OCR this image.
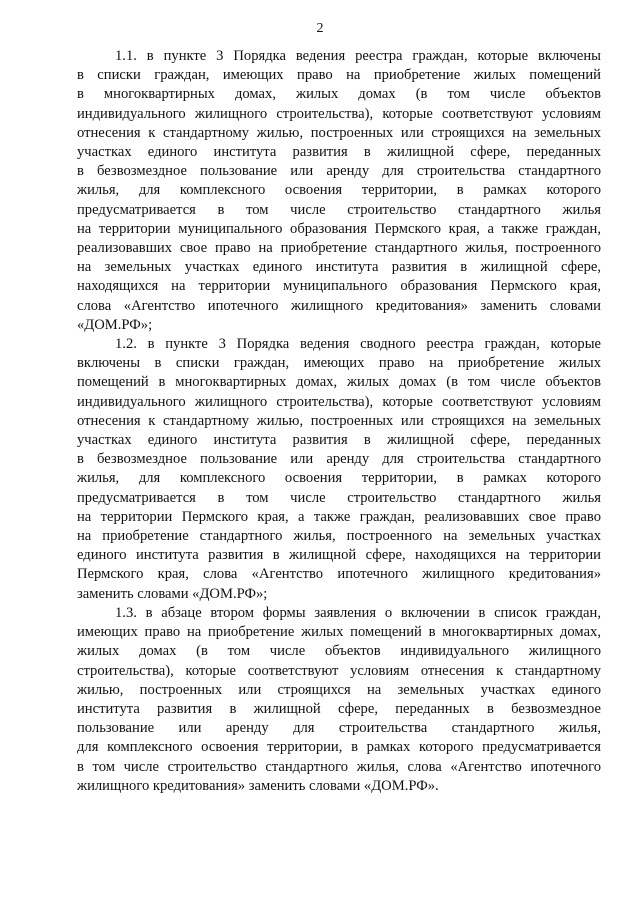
2

1.1. в пункте 3 Порядка ведения реестра граждан, которые включены
в списки граждан, имеющих право на приобретение жилых помещений
в многоквартирных домах, жилых домах (в том числе объектов
индивидуального жилищного строительства), которые соответствуют условиям
отнесения к стандартному жилью, построенных или строящихся на земельных
участках единого института развития в жилищной сфере, переданных
в безвозмездное пользование или аренду для строительства стандартного
жилья, для комплексного освоения территории, в рамках которого
предусматривается в том числе строительство стандартного жилья
на территории муниципального образования Пермского края, а также граждан,
реализовавших свое право на приобретение стандартного жилья, построенного
на земельных участках единого института развития в жилищной сфере,
находящихся на территории муниципального образования Пермского края,
слова «Агентство ипотечного жилищного кредитования» заменить словами
«ДОМ.РФ»;

1.2. в пункте 3 Порядка ведения сводного реестра граждан, которые
включены в списки граждан, имеющих право на приобретение жилых
помещений в многоквартирных домах, жилых домах (в том числе объектов
индивидуального жилищного строительства), которые соответствуют условиям
отнесения к стандартному жилью, построенных или строящихся на земельных
участках единого института развития в жилищной сфере, переданных
в безвозмездное пользование или аренду для строительства стандартного
жилья, для комплексного освоения территории, в рамках которого
предусматривается в том числе строительство стандартного жилья
на территории Пермского края, а также граждан, реализовавших свое право
на приобретение стандартного жилья, построенного на земельных участках
единого института развития в жилищной сфере, находящихся на территории
Пермского края, слова «Агентство ипотечного жилищного кредитования»
заменить словами «ДОМ.РФ»;

1.3. в абзаце втором формы заявления о включении в список граждан,
имеющих право на приобретение жилых помещений в многоквартирных домах,
жилых домах (в том числе объектов индивидуального жилищного
строительства), которые соответствуют условиям отнесения к стандартному
жилью, построенных или строящихся на земельных участках единого
института развития в жилищной сфере, переданных в безвозмездное
пользование или аренду для строительства стандартного жилья,
для комплексного освоения территории, в рамках которого предусматривается
в том числе строительство стандартного жилья, слова «Агентство ипотечного
жилищного кредитования» заменить словами «ДОМ.РФ».
